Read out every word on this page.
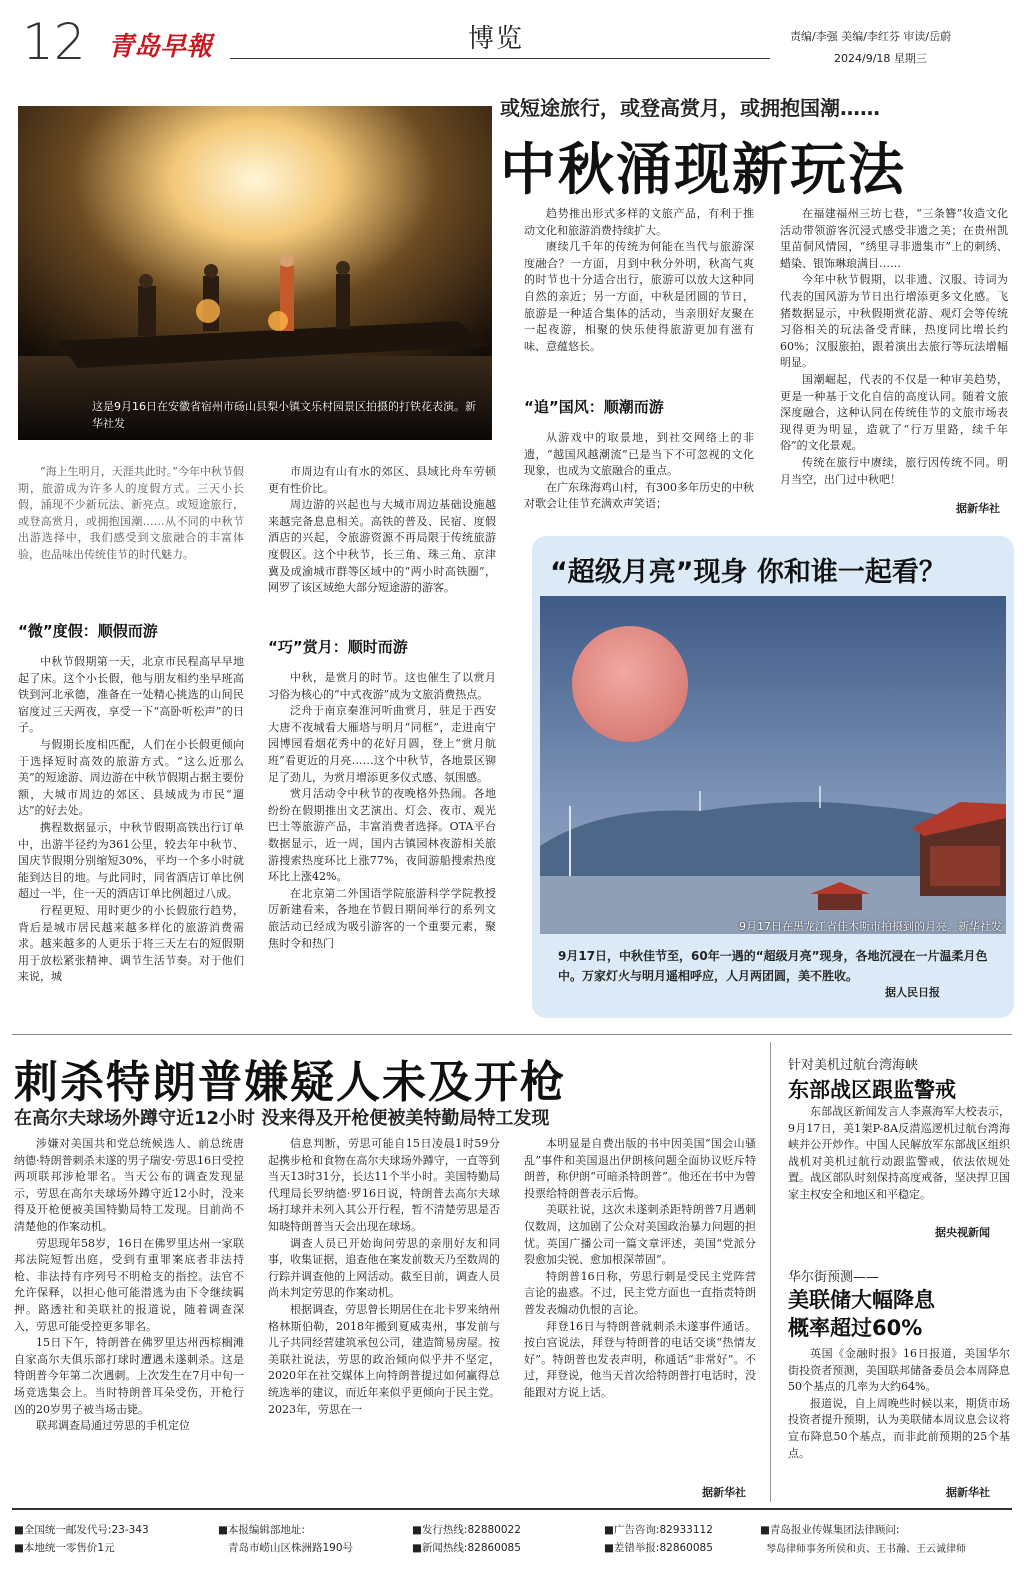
12 青岛早報	博览	责编/李强 美编/李红芬 审读/岳蔚
2024/9/18 星期三
这是9月16日在安徽省宿州市砀山县梨小镇文乐村园景区拍摄的打铁花表演。新华社发
或短途旅行，或登高赏月，或拥抱国潮……
中秋涌现新玩法
“海上生明月，天涯共此时。”今年中秋节假期，旅游成为许多人的度假方式。三天小长假，涌现不少新玩法、新亮点。或短途旅行，或登高赏月，或拥抱国潮……从不同的中秋节出游选择中，我们感受到文旅融合的丰富体验，也品味出传统佳节的时代魅力。
“微”度假：顺假而游

中秋节假期第一天，北京市民程高早早地起了床。这个小长假，他与朋友相约坐早班高铁到河北承德，准备在一处精心挑选的山间民宿度过三天两夜，享受一下“高卧听松声”的日子。

与假期长度相匹配，人们在小长假更倾向于选择短时高效的旅游方式。“这么近那么美”的短途游、周边游在中秋节假期占据主要份额，大城市周边的郊区、县域成为市民“遛达”的好去处。

携程数据显示，中秋节假期高铁出行订单中，出游半径约为361公里，较去年中秋节、国庆节假期分别缩短30%，平均一个多小时就能到达目的地。与此同时，同省酒店订单比例超过一半，住一天的酒店订单比例超过八成。

行程更短、用时更少的小长假旅行趋势，背后是城市居民越来越多样化的旅游消费需求。越来越多的人更乐于将三天左右的短假期用于放松紧张精神、调节生活节奏。对于他们来说，城

市周边有山有水的郊区、县域比舟车劳顿更有性价比。

周边游的兴起也与大城市周边基础设施越来越完备息息相关。高铁的普及、民宿、度假酒店的兴起，令旅游资源不再局限于传统旅游度假区。这个中秋节，长三角、珠三角、京津冀及成渝城市群等区域中的“两小时高铁圈”，网罗了该区域绝大部分短途游的游客。

“巧”赏月：顺时而游

中秋，是赏月的时节。这也催生了以赏月习俗为核心的“中式夜游”成为文旅消费热点。

泛舟于南京秦淮河听曲赏月，驻足于西安大唐不夜城看大雁塔与明月“同框”，走进南宁园博园看烟花秀中的花好月圆，登上“赏月航班”看更近的月亮……这个中秋节，各地景区铆足了劲儿，为赏月增添更多仪式感、氛围感。

赏月活动令中秋节的夜晚格外热闹。各地纷纷在假期推出文艺演出、灯会、夜市、观光巴士等旅游产品，丰富消费者选择。OTA平台数据显示，近一周，国内古镇园林夜游相关旅游搜索热度环比上涨77%，夜间游船搜索热度环比上涨42%。

在北京第二外国语学院旅游科学学院教授厉新建看来，各地在节假日期间举行的系列文旅活动已经成为吸引游客的一个重要元素，聚焦时令和热门

趋势推出形式多样的文旅产品，有利于推动文化和旅游消费持续扩大。

赓续几千年的传统为何能在当代与旅游深度融合？一方面，月到中秋分外明，秋高气爽的时节也十分适合出行，旅游可以放大这种同自然的亲近；另一方面，中秋是团圆的节日，旅游是一种适合集体的活动，当亲朋好友聚在一起夜游，相聚的快乐使得旅游更加有滋有味、意蕴悠长。

“追”国风：顺潮而游

从游戏中的取景地，到社交网络上的非遗，“越国风越潮流”已是当下不可忽视的文化现象，也成为文旅融合的重点。

在广东珠海鸡山村，有300多年历史的中秋对歌会让佳节充满欢声笑语；

在福建福州三坊七巷，“三条簪”妆造文化活动带领游客沉浸式感受非遗之美；在贵州凯里苗侗风情园，“绣里寻非遗集市”上的刺绣、蜡染、银饰琳琅满目……

今年中秋节假期，以非遗、汉服、诗词为代表的国风游为节日出行增添更多文化感。飞猪数据显示，中秋假期赏花游、观灯会等传统习俗相关的玩法备受青睐，热度同比增长约60%；汉服旅拍，跟着演出去旅行等玩法增幅明显。

国潮崛起，代表的不仅是一种审美趋势，更是一种基于文化自信的高度认同。随着文旅深度融合，这种认同在传统佳节的文旅市场表现得更为明显，造就了“行万里路，续千年俗”的文化景观。

传统在旅行中赓续，旅行因传统不同。明月当空，出门过中秋吧！

据新华社
“超级月亮”现身 你和谁一起看？
9月17日在黑龙江省佳木斯市拍摄到的月亮。新华社发
9月17日，中秋佳节至，60年一遇的“超级月亮”现身，各地沉浸在一片温柔月色中。万家灯火与明月遥相呼应，人月两团圆，美不胜收。
据人民日报
刺杀特朗普嫌疑人未及开枪
在高尔夫球场外蹲守近12小时 没来得及开枪便被美特勤局特工发现

涉嫌对美国共和党总统候选人、前总统唐纳德·特朗普刺杀未遂的男子瑞安·劳思16日受控两项联邦涉枪罪名。当天公布的调查发现显示，劳思在高尔夫球场外蹲守近12小时，没来得及开枪便被美国特勤局特工发现。目前尚不清楚他的作案动机。

劳思现年58岁，16日在佛罗里达州一家联邦法院短暂出庭，受到有重罪案底者非法持枪、非法持有序列号不明枪支的指控。法官不允许保释，以担心他可能潜逃为由下令继续羁押。路透社和美联社的报道说，随着调查深入，劳思可能受控更多罪名。

15日下午，特朗普在佛罗里达州西棕榈滩自家高尔夫俱乐部打球时遭遇未遂刺杀。这是特朗普今年第二次遇刺。上次发生在7月中旬一场竞选集会上。当时特朗普耳朵受伤，开枪行凶的20岁男子被当场击毙。

联邦调查局通过劳思的手机定位

信息判断，劳思可能自15日凌晨1时59分起携步枪和食物在高尔夫球场外蹲守，一直等到当天13时31分，长达11个半小时。美国特勤局代理局长罗纳德·罗16日说，特朗普去高尔夫球场打球并未列入其公开行程，暂不清楚劳思是否知晓特朗普当天会出现在球场。

调查人员已开始询问劳思的亲朋好友和同事，收集证据，追查他在案发前数天乃至数周的行踪并调查他的上网活动。截至目前，调查人员尚未判定劳思的作案动机。

根据调查，劳思曾长期居住在北卡罗来纳州格林斯伯勒，2018年搬到夏威夷州，事发前与儿子共同经营建筑承包公司，建造简易房屋。按美联社说法，劳思的政治倾向似乎并不坚定，2020年在社交媒体上向特朗普提过如何赢得总统选举的建议，而近年来似乎更倾向于民主党。2023年，劳思在一

本明显是自费出版的书中因美国“国会山骚乱”事件和美国退出伊朗核问题全面协议贬斥特朗普，称伊朗“可暗杀特朗普”。他还在书中为曾投票给特朗普表示后悔。

美联社说，这次未遂刺杀距特朗普7月遇刺仅数周，这加剧了公众对美国政治暴力问题的担忧。英国广播公司一篇文章评述，美国“党派分裂愈加尖锐、愈加根深蒂固”。

特朗普16日称，劳思行刺是受民主党阵营言论的蛊惑。不过，民主党方面也一直指责特朗普发表煽动仇恨的言论。

拜登16日与特朗普就刺杀未遂事件通话。按白宫说法，拜登与特朗普的电话交谈“热情友好”。特朗普也发表声明，称通话“非常好”。不过，拜登说，他当天首次给特朗普打电话时，没能跟对方说上话。

据新华社
针对美机过航台湾海峡
东部战区跟监警戒
东部战区新闻发言人李熹海军大校表示，9月17日，美1架P-8A反潜巡逻机过航台湾海峡并公开炒作。中国人民解放军东部战区组织战机对美机过航行动跟监警戒，依法依规处置。战区部队时刻保持高度戒备，坚决捍卫国家主权安全和地区和平稳定。
据央视新闻
华尔街预测——
美联储大幅降息
概率超过60%

英国《金融时报》16日报道，美国华尔街投资者预测，美国联邦储备委员会本周降息50个基点的几率为大约64%。

报道说，自上周晚些时候以来，期货市场投资者提升预期，认为美联储本周议息会议将宣布降息50个基点，而非此前预期的25个基点。

据新华社
■全国统一邮发代号:23-343
■本地统一零售价1元
■本报编辑部地址:
青岛市崂山区株洲路190号
■发行热线:82880022
■新闻热线:82860085
■广告咨询:82933112
■差错举报:82860085
■青岛报业传媒集团法律顾问:
琴岛律师事务所侯和贞、王书瀚、王云诚律师
